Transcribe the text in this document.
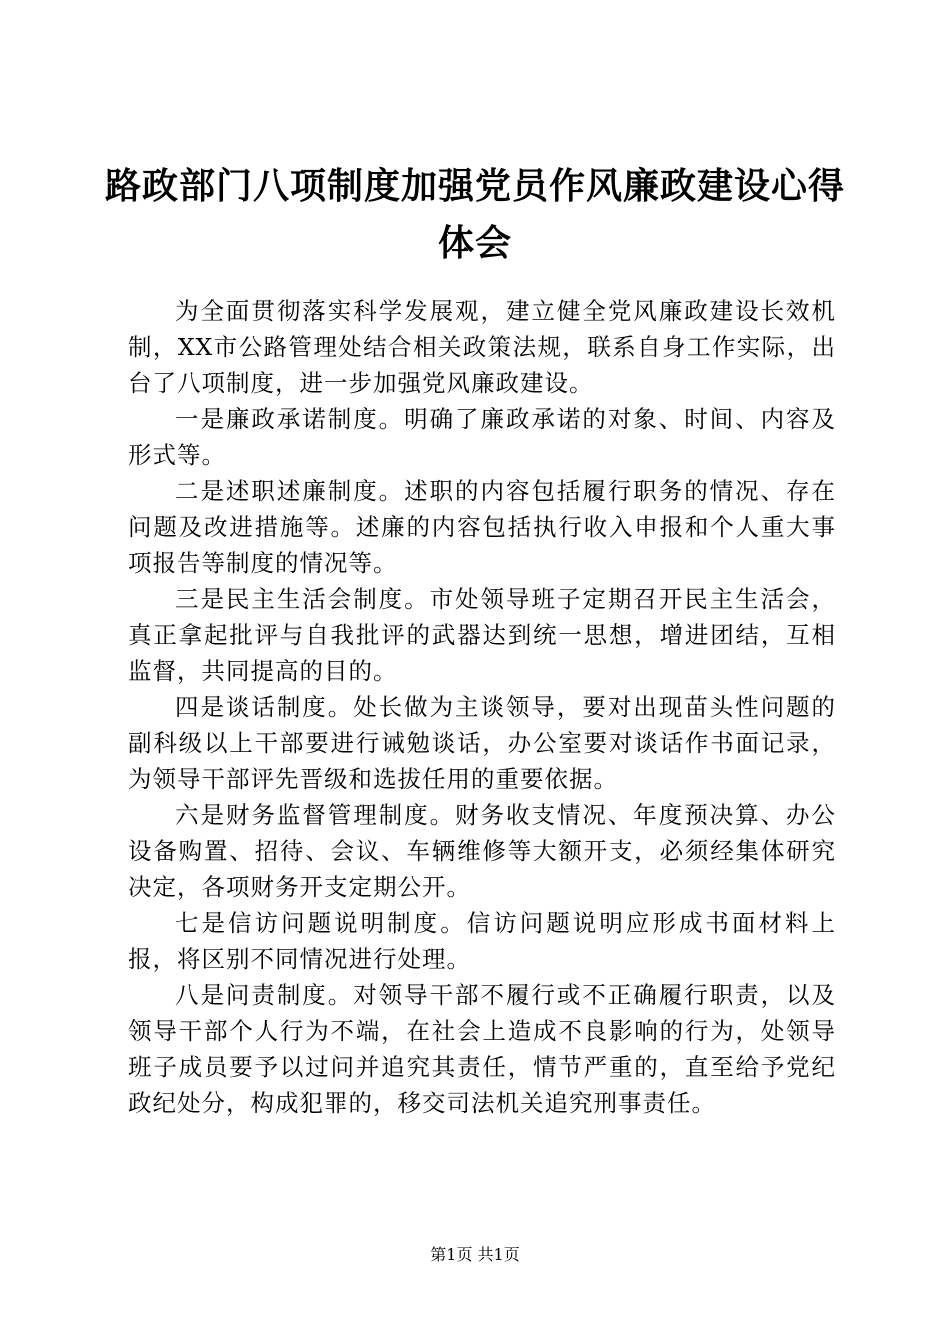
路政部门八项制度加强党员作风廉政建设心得体会

为全面贯彻落实科学发展观，建立健全党风廉政建设长效机制，XX市公路管理处结合相关政策法规，联系自身工作实际，出台了八项制度，进一步加强党风廉政建设。

一是廉政承诺制度。明确了廉政承诺的对象、时间、内容及形式等。

二是述职述廉制度。述职的内容包括履行职务的情况、存在问题及改进措施等。述廉的内容包括执行收入申报和个人重大事项报告等制度的情况等。

三是民主生活会制度。市处领导班子定期召开民主生活会，真正拿起批评与自我批评的武器达到统一思想，增进团结，互相监督，共同提高的目的。

四是谈话制度。处长做为主谈领导，要对出现苗头性问题的副科级以上干部要进行诫勉谈话，办公室要对谈话作书面记录，为领导干部评先晋级和选拔任用的重要依据。

六是财务监督管理制度。财务收支情况、年度预决算、办公设备购置、招待、会议、车辆维修等大额开支，必须经集体研究决定，各项财务开支定期公开。

七是信访问题说明制度。信访问题说明应形成书面材料上报，将区别不同情况进行处理。

八是问责制度。对领导干部不履行或不正确履行职责，以及领导干部个人行为不端，在社会上造成不良影响的行为，处领导班子成员要予以过问并追究其责任，情节严重的，直至给予党纪政纪处分，构成犯罪的，移交司法机关追究刑事责任。

第1页 共1页
